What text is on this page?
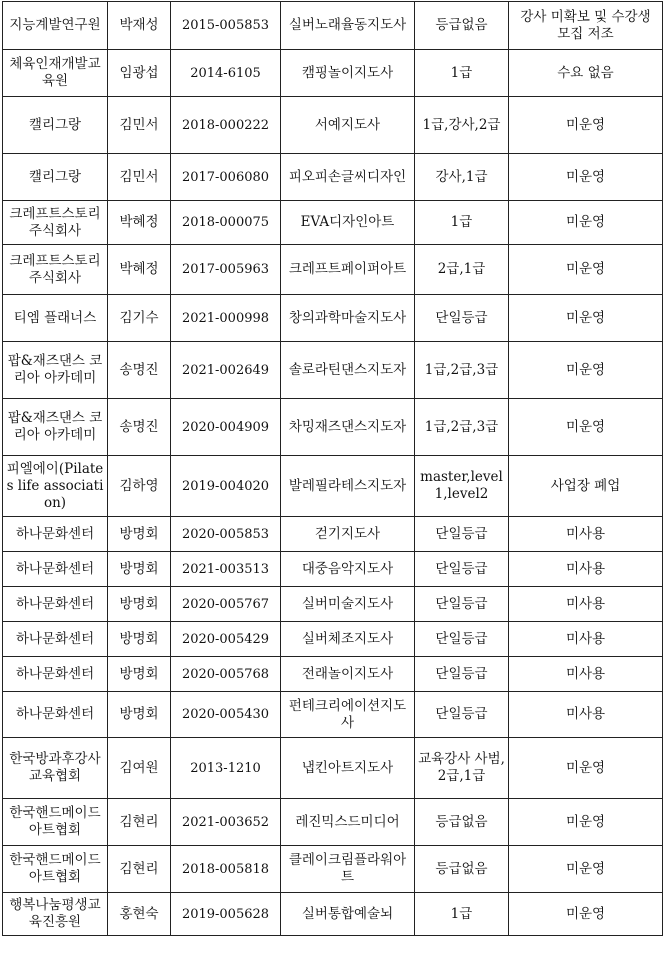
지능계발연구원	박재성	2015-005853	실버노래율동지도사	등급없음	강사 미확보 및 수강생 모집 저조
체육인재개발교육원	임광섭	2014-6105	캠핑놀이지도사	1급	수요 없음
캘리그랑	김민서	2018-000222	서예지도사	1급,강사,2급	미운영
캘리그랑	김민서	2017-006080	피오피손글씨디자인	강사,1급	미운영
크레프트스토리 주식회사	박혜정	2018-000075	EVA디자인아트	1급	미운영
크레프트스토리 주식회사	박혜정	2017-005963	크레프트페이퍼아트	2급,1급	미운영
티엠 플래너스	김기수	2021-000998	창의과학마술지도사	단일등급	미운영
팝&재즈댄스 코리아 아카데미	송명진	2021-002649	솔로라틴댄스지도자	1급,2급,3급	미운영
팝&재즈댄스 코리아 아카데미	송명진	2020-004909	차밍재즈댄스지도자	1급,2급,3급	미운영
피엘에이(Pilates life association)	김하영	2019-004020	발레필라테스지도자	master,level1,level2	사업장 폐업
하나문화센터	방명회	2020-005853	걷기지도사	단일등급	미사용
하나문화센터	방명회	2021-003513	대중음악지도사	단일등급	미사용
하나문화센터	방명회	2020-005767	실버미술지도사	단일등급	미사용
하나문화센터	방명회	2020-005429	실버체조지도사	단일등급	미사용
하나문화센터	방명회	2020-005768	전래놀이지도사	단일등급	미사용
하나문화센터	방명회	2020-005430	펀테크리에이션지도사	단일등급	미사용
한국방과후강사교육협회	김여원	2013-1210	냅킨아트지도사	교육강사 사범,2급,1급	미운영
한국핸드메이드아트협회	김현리	2021-003652	레진믹스드미디어	등급없음	미운영
한국핸드메이드아트협회	김현리	2018-005818	클레이크림플라워아트	등급없음	미운영
행복나눔평생교육진흥원	홍현숙	2019-005628	실버통합예술뇌	1급	미운영
